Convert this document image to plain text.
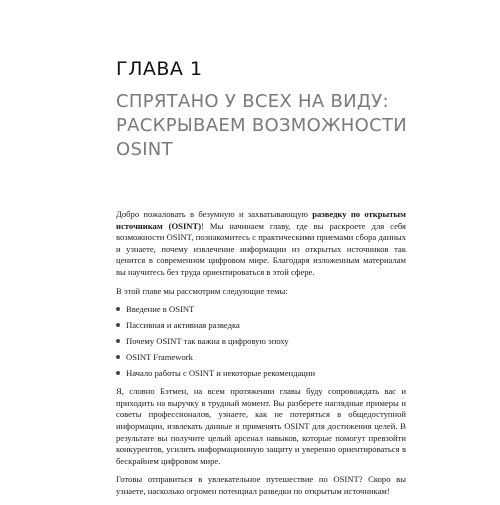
ГЛАВА 1
СПРЯТАНО У ВСЕХ НА ВИДУ:
РАСКРЫВАЕМ ВОЗМОЖНОСТИ
OSINT

Добро пожаловать в безумную и захватывающую разведку по открытым источникам (OSINT)! Мы начинаем главу, где вы раскроете для себя возможности OSINT, познакомитесь с практическими приемами сбора данных и узнаете, почему извлечение информации из открытых источников так ценится в современном цифровом мире. Благодаря изложенным материалам вы научитесь без труда ориентироваться в этой сфере.

В этой главе мы рассмотрим следующие темы:

Введение в OSINT
Пассивная и активная разведка
Почему OSINT так важна в цифровую эпоху
OSINT Framework
Начало работы с OSINT и некоторые рекомендации

Я, словно Бэтмен, на всем протяжении главы буду сопровождать вас и приходить на выручку в трудный момент. Вы разберете наглядные примеры и советы профессионалов, узнаете, как не потеряться в общедоступной информации, извлекать данные и применять OSINT для достижения целей. В результате вы получите целый арсенал навыков, которые помогут превзойти конкурентов, усилить информационную защиту и уверенно ориентироваться в бескрайнем цифровом мире.

Готовы отправиться в увлекательное путешествие по OSINT? Скоро вы узнаете, насколько огромен потенциал разведки по открытым источникам!
